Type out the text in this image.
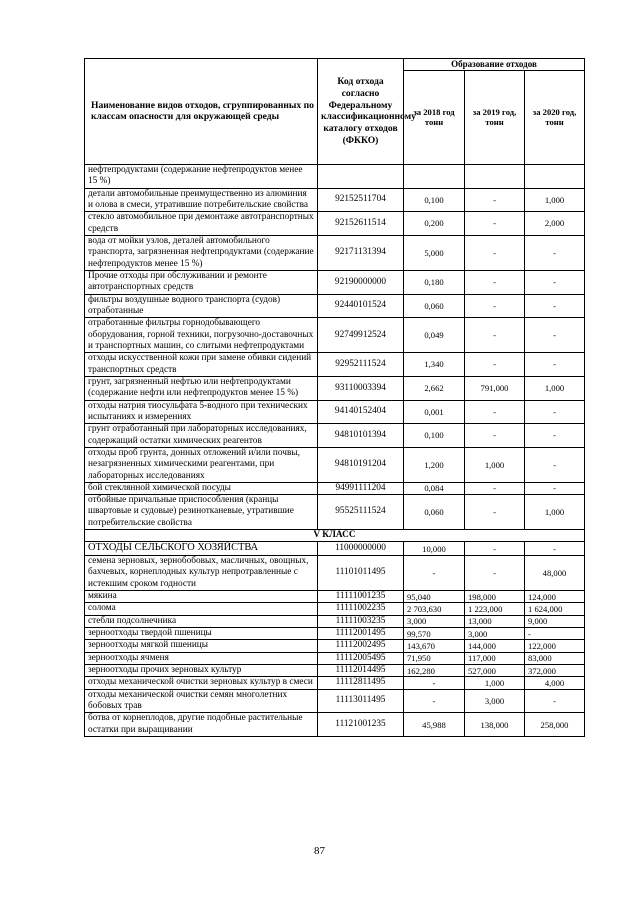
Наименование видов отходов, сгруппированных по классам опасности для окружающей среды	Код отхода согласно Федеральному классификационному каталогу отходов (ФККО)	Образование отходов		
		за 2018 год тонн	за 2019 год, тонн	за 2020 год, тонн
нефтепродуктами (содержание нефтепродуктов менее 15 %)				
детали автомобильные преимущественно из алюминия и олова в смеси, утратившие потребительские свойства	92152511704	0,100	-	1,000
стекло автомобильное при демонтаже автотранспортных средств	92152611514	0,200	-	2,000
вода от мойки узлов, деталей автомобильного транспорта, загрязненная нефтепродуктами (содержание нефтепродуктов менее 15 %)	92171131394	5,000	-	-
Прочие отходы при обслуживании и ремонте автотранспортных средств	92190000000	0,180	-	-
фильтры воздушные водного транспорта (судов) отработанные	92440101524	0,060	-	-
отработанные фильтры горнодобывающего оборудования, горной техники, погрузочно-доставочных и транспортных машин, со слитыми нефтепродуктами	92749912524	0,049	-	-
отходы искусственной кожи при замене обивки сидений транспортных средств	92952111524	1,340	-	-
грунт, загрязненный нефтью или нефтепродуктами (содержание нефти или нефтепродуктов менее 15 %)	93110003394	2,662	791,000	1,000
отходы натрия тиосульфата 5-водного при технических испытаниях и измерениях	94140152404	0,001	-	-
грунт отработанный при лабораторных исследованиях, содержащий остатки химических реагентов	94810101394	0,100	-	-
отходы проб грунта, донных отложений и/или почвы, незагрязненных химическими реагентами, при лабораторных исследованиях	94810191204	1,200	1,000	-
бой стеклянной химической посуды	94991111204	0,084	-	-
отбойные причальные приспособления (кранцы швартовые и судовые) резинотканевые, утратившие потребительские свойства	95525111524	0,060	-	1,000
V КЛАСС				
ОТХОДЫ СЕЛЬСКОГО ХОЗЯЙСТВА	11000000000	10,000	-	-
семена зерновых, зернобобовых, масличных, овощных, бахчевых, корнеплодных культур непротравленные с истекшим сроком годности	11101011495	-	-	48,000
мякина	11111001235	95,040	198,000	124,000
солома	11111002235	2 703,630	1 223,000	1 624,000
стебли подсолнечника	11111003235	3,000	13,000	9,000
зерноотходы твердой пшеницы	11112001495	99,570	3,000	-
зерноотходы мягкой пшеницы	11112002495	143,670	144,000	122,000
зерноотходы ячменя	11112005495	71,950	117,000	83,000
зерноотходы прочих зерновых культур	11112014495	162,280	527,000	372,000
отходы механической очистки зерновых культур в смеси	11112811495	-	1,000	4,000
отходы механической очистки семян многолетних бобовых трав	11113011495	-	3,000	-
ботва от корнеплодов, другие подобные растительные остатки при выращивании	11121001235	45,988	138,000	258,000
87
